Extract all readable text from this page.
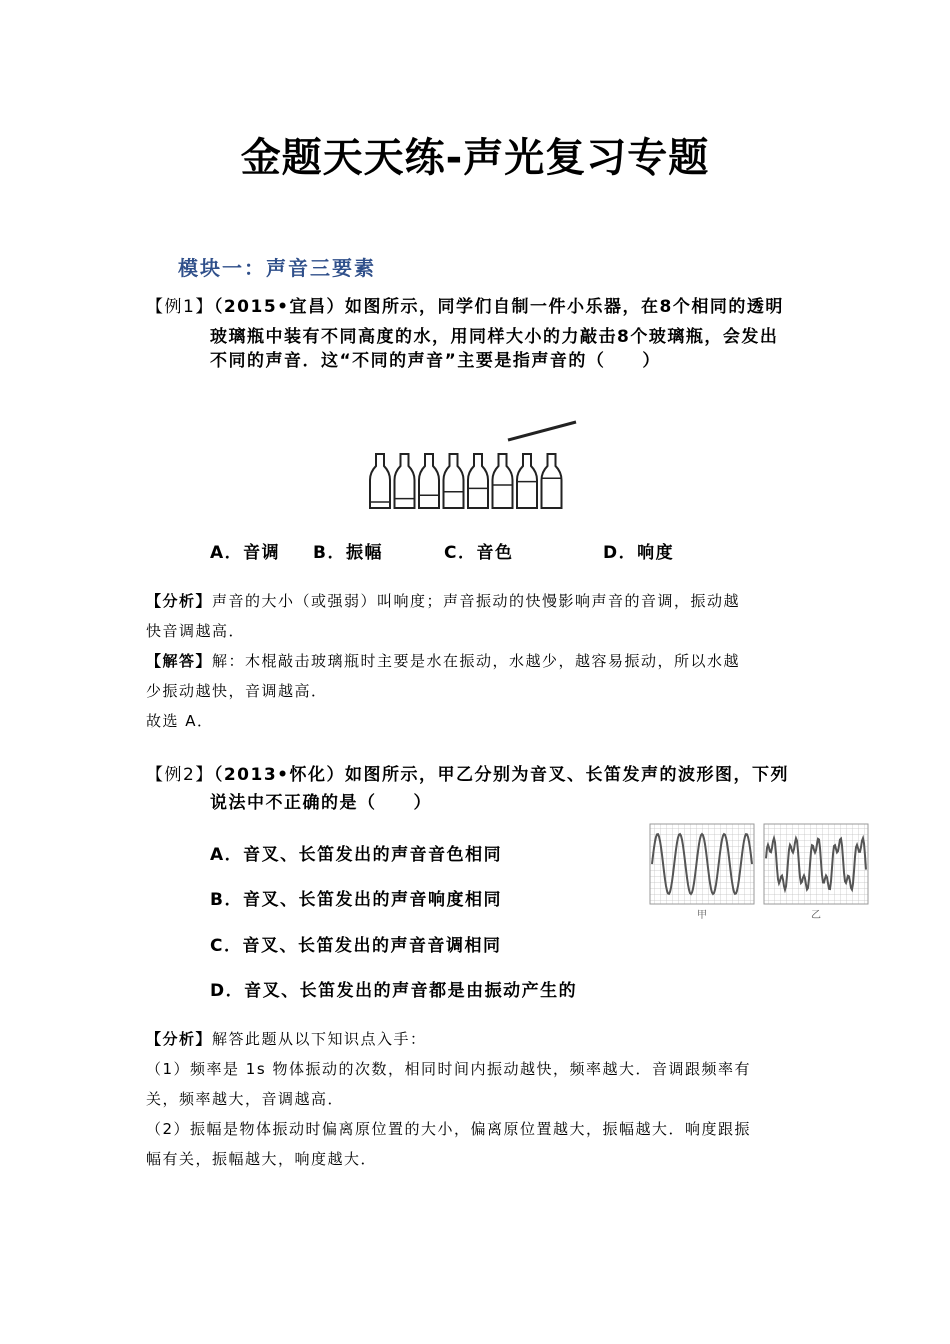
金题天天练-声光复习专题
模块一：声音三要素
【例1】（2015•宜昌）如图所示，同学们自制一件小乐器，在8个相同的透明
玻璃瓶中装有不同高度的水，用同样大小的力敲击8个玻璃瓶，会发出
不同的声音．这“不同的声音”主要是指声音的（　　）
A．音调 B．振幅	C．音色	D．响度
【分析】声音的大小（或强弱）叫响度；声音振动的快慢影响声音的音调，振动越
快音调越高．
【解答】解：木棍敲击玻璃瓶时主要是水在振动，水越少，越容易振动，所以水越
少振动越快，音调越高．
故选 A．
【例2】（2013•怀化）如图所示，甲乙分别为音叉、长笛发声的波形图，下列
说法中不正确的是（　　）
A．音叉、长笛发出的声音音色相同
B．音叉、长笛发出的声音响度相同
C．音叉、长笛发出的声音音调相同
D．音叉、长笛发出的声音都是由振动产生的
甲	乙
【分析】解答此题从以下知识点入手：
（1）频率是 1s 物体振动的次数，相同时间内振动越快，频率越大．音调跟频率有
关，频率越大，音调越高．
（2）振幅是物体振动时偏离原位置的大小，偏离原位置越大，振幅越大．响度跟振
幅有关，振幅越大，响度越大．
